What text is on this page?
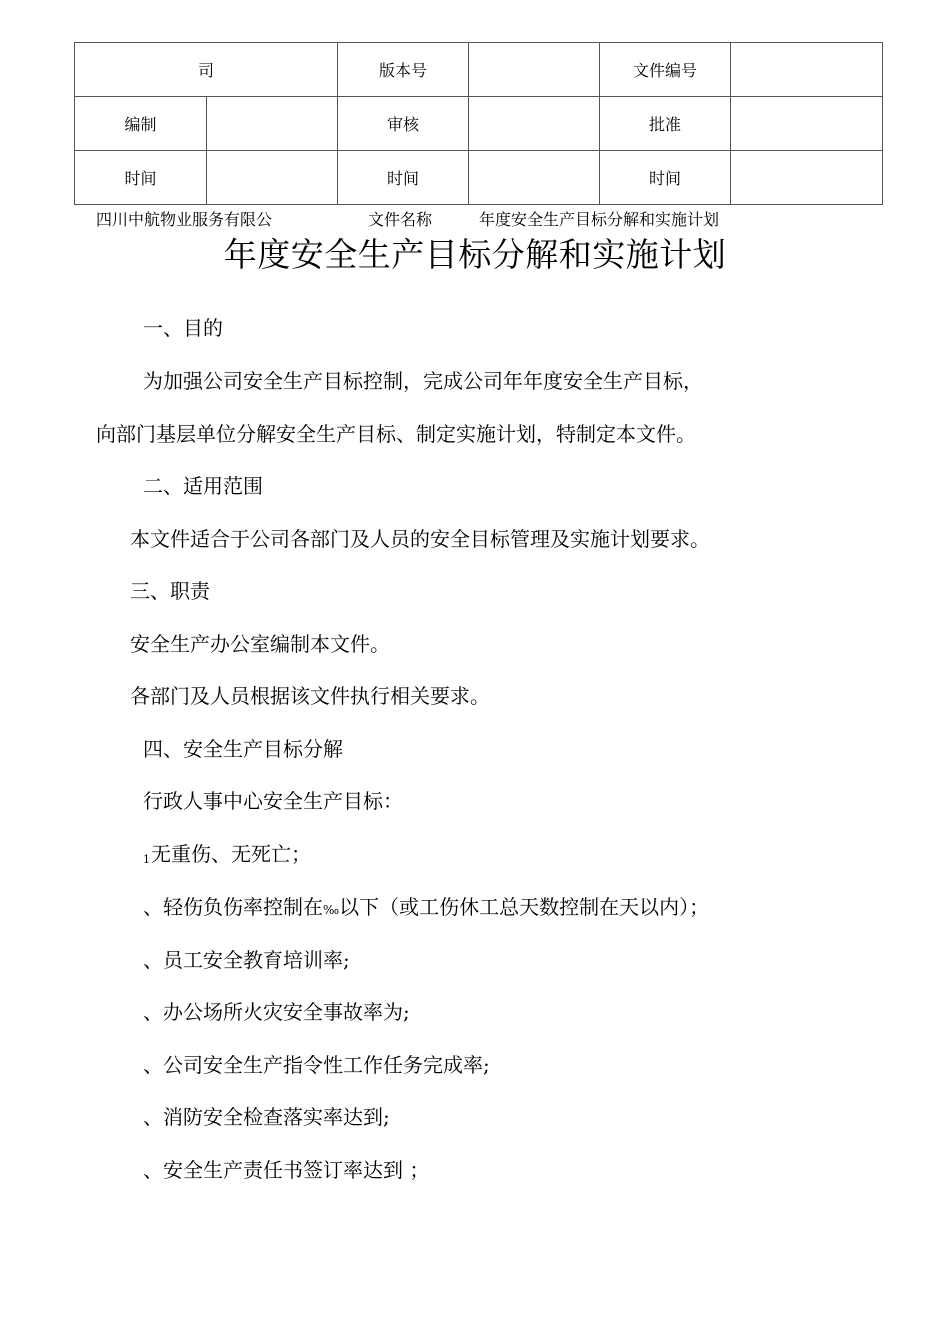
司		版本号		文件编号	
编制		审核		批准	
时间		时间		时间	
四川中航物业服务有限公	文件名称	年度安全生产目标分解和实施计划
年度安全生产目标分解和实施计划
一、目的
为加强公司安全生产目标控制，完成公司年年度安全生产目标，
向部门基层单位分解安全生产目标、制定实施计划，特制定本文件。
二、适用范围
本文件适合于公司各部门及人员的安全目标管理及实施计划要求。
三、职责
安全生产办公室编制本文件。
各部门及人员根据该文件执行相关要求。
四、安全生产目标分解
行政人事中心安全生产目标：
1无重伤、无死亡；
、轻伤负伤率控制在‰以下（或工伤休工总天数控制在天以内）；
、员工安全教育培训率;
、办公场所火灾安全事故率为;
、公司安全生产指令性工作任务完成率;
、消防安全检查落实率达到;
、安全生产责任书签订率达到 ；
